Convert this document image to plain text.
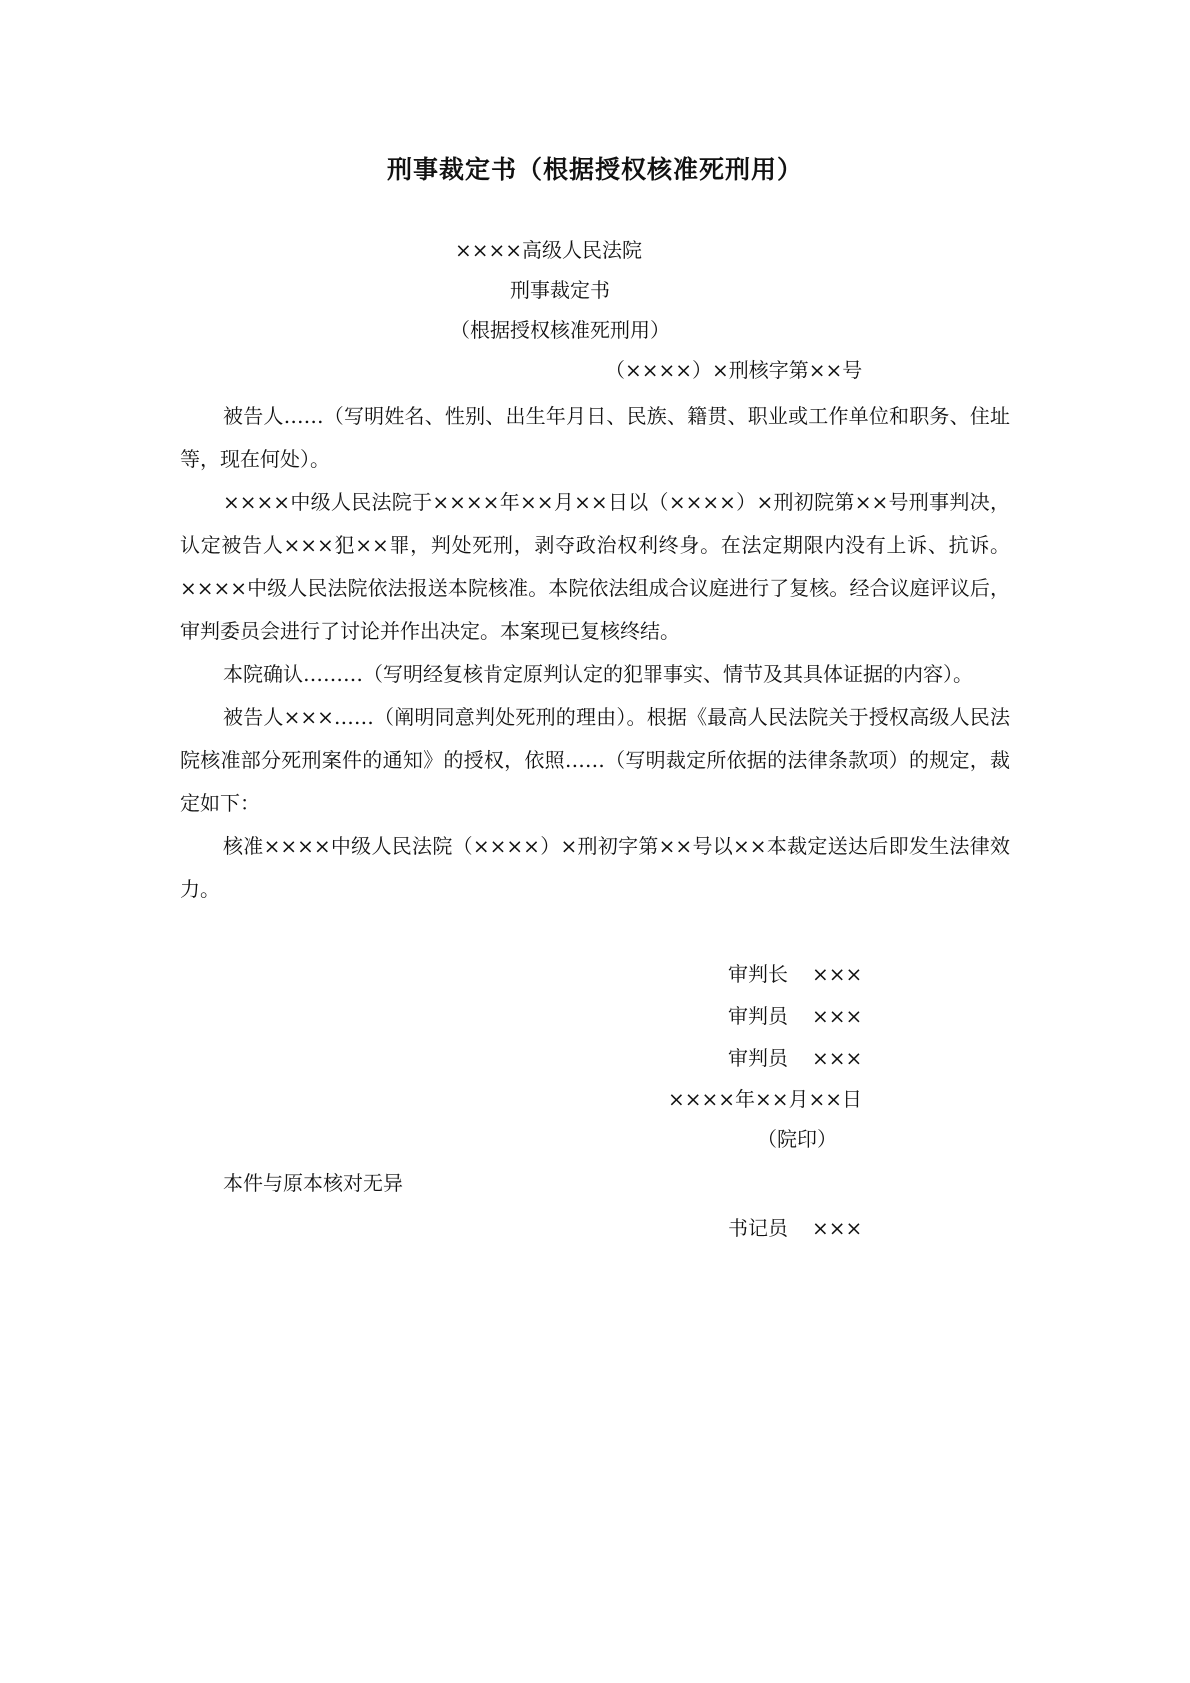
刑事裁定书（根据授权核准死刑用）
××××高级人民法院
刑事裁定书
（根据授权核准死刑用）
（××××）×刑核字第××号

被告人……（写明姓名、性别、出生年月日、民族、籍贯、职业或工作单位和职务、住址等，现在何处）。

××××中级人民法院于××××年××月××日以（××××）×刑初院第××号刑事判决，认定被告人×××犯××罪，判处死刑，剥夺政治权利终身。在法定期限内没有上诉、抗诉。××××中级人民法院依法报送本院核准。本院依法组成合议庭进行了复核。经合议庭评议后，审判委员会进行了讨论并作出决定。本案现已复核终结。

本院确认………（写明经复核肯定原判认定的犯罪事实、情节及其具体证据的内容）。

被告人×××……（阐明同意判处死刑的理由）。根据《最高人民法院关于授权高级人民法院核准部分死刑案件的通知》的授权，依照……（写明裁定所依据的法律条款项）的规定，裁定如下：

核准××××中级人民法院（××××）×刑初字第××号以××本裁定送达后即发生法律效力。

审判长 ×××
审判员 ×××
审判员 ×××
××××年××月××日
（院印）
本件与原本核对无异
书记员 ×××
